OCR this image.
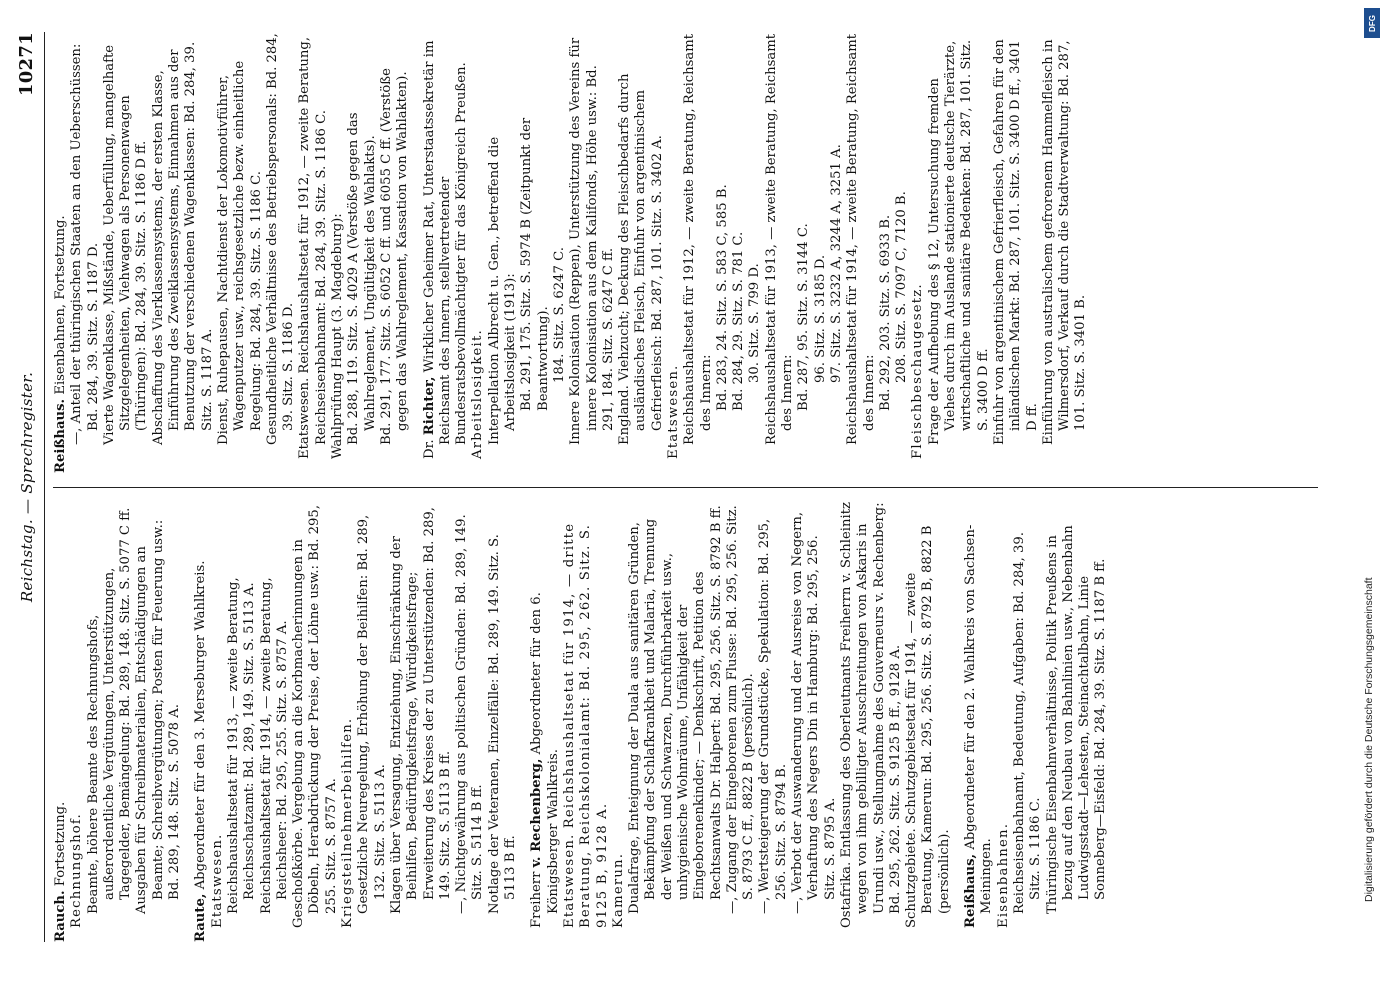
Reichstag. — Sprechregister.
10271
Rauch. Fortsetzung. Rechnungshof. Beamte, höhere Beamte des Rechnungshofs, außerordentliche Vergütungen, Unterstützungen, Tagegelder, Bemängelung: Bd. 289, 148. Sitz. S. 5077 C ff. Ausgaben für Schreibmaterialien, Entschädigungen an Beamte; Schreibvergütungen; Posten für Feuerung usw.: Bd. 289, 148. Sitz. S. 5078 A.
Raute, Abgeordneter für den 3. Merseburger Wahlkreis. Etatswesen. Reichshaushaltsetat für 1913, — zweite Beratung, Reichsschatzamt: Bd. 289, 149. Sitz. S. 5113 A. Reichshaushaltsetat für 1914, — zweite Beratung, Reichsheer: Bd. 295, 255. Sitz. S. 8757 A. Geschoßkörbe. Vergebung an die Korbmacherinnungen in Döbeln, Herabdrückung der Preise, der Löhne usw.: Bd. 295, 255. Sitz. S. 8757 A. Kriegsteilnehmerbeihilfen. Gesetzliche Neuregelung, Erhöhung der Beihilfen: Bd. 289, 132. Sitz. S. 5113 A. Klagen über Versagung, Entziehung, Einschränkung der Beihilfen, Bedürftigkeitsfrage, Würdigkeitsfrage; Erweiterung des Kreises der zu Unterstützenden: Bd. 289, 149. Sitz. S. 5113 B ff. —, Nichtgewährung aus politischen Gründen: Bd. 289, 149. Sitz. S. 5114 B ff. Notlage der Veteranen, Einzelfälle: Bd. 289, 149. Sitz. S. 5113 B ff. Freiherr v. Rechenberg, Abgeordneter für den 6. Königsberger Wahlkreis. Etatswesen. Reichshaushaltsetat für 1914, — dritte Beratung, Reichskolonialamt: Bd. 295, 262. Sitz. S. 9125 B, 9128 A. Kamerun. Dualafrage, Enteignung der Duala aus sanitären Gründen, Bekämpfung der Schlafkrankheit und Malaria, Trennung der Weißen und Schwarzen, Durchführbarkeit usw., unhygienische Wohnräume, Unfähigkeit der Eingeborenenkinder; — Denkschrift, Petition des Rechtsanwalts Dr. Halpert: Bd. 295, 256. Sitz. S. 8792 B ff. —, Zugang der Eingeborenen zum Flusse: Bd. 295, 256. Sitz. S. 8793 C ff., 8822 B (persönlich). —, Wertsteigerung der Grundstücke, Spekulation: Bd. 295, 256. Sitz. S. 8794 B. —, Verbot der Auswanderung und der Ausreise von Negern, Verhaftung des Negers Din in Hamburg: Bd. 295, 256. Sitz. S. 8795 A. Ostafrika. Entlassung des Oberleutnants Freiherrn v. Schleinitz wegen von ihm gebilligter Ausschreitungen von Askaris in Urundi usw., Stellungnahme des Gouverneurs v. Rechenberg: Bd. 295, 262. Sitz. S. 9125 B ff., 9128 A. Schutzgebiete. Schutzgebietsetat für 1914, — zweite Beratung, Kamerun: Bd. 295, 256. Sitz. S. 8792 B, 8822 B (persönlich). Reißhaus, Abgeordneter für den 2. Wahlkreis von Sachsen-Meiningen. Eisenbahnen. Reichseisenbahnamt, Bedeutung, Aufgaben: Bd. 284, 39. Sitz. S. 1186 C. Thüringische Eisenbahnverhältnisse, Politik Preußens in bezug auf den Neubau von Bahnlinien usw., Nebenbahn Ludwigsstadt—Lehesten, Steinachtalbahn, Linie Sonneberg—Eisfeld: Bd. 284, 39. Sitz. S. 1187 B ff.
Reißhaus. Eisenbahnen, Fortsetzung. —, Anteil der thüringischen Staaten an den Ueberschüssen: Bd. 284, 39. Sitz. S. 1187 D. Vierte Wagenklasse, Mißstände, Ueberfüllung, mangelhafte Sitzgelegenheiten, Viehwagen als Personenwagen (Thüringen): Bd. 284, 39. Sitz. S. 1186 D ff. Abschaffung des Vierklassensystems, der ersten Klasse, Einführung des Zweiklassensystems, Einnahmen aus der Benutzung der verschiedenen Wagenklassen: Bd. 284, 39. Sitz. S. 1187 A. Dienst, Ruhepausen, Nachtdienst der Lokomotivführer, Wagenputzer usw., reichsgesetzliche bezw. einheitliche Regelung: Bd. 284, 39. Sitz. S. 1186 C. Gesundheitliche Verhältnisse des Betriebspersonals: Bd. 284, 39. Sitz. S. 1186 D. Etatswesen. Reichshaushaltsetat für 1912, — zweite Beratung, Reichseisenbahnamt: Bd. 284, 39. Sitz. S. 1186 C. Wahlprüfung Haupt (3. Magdeburg): Bd. 288, 119. Sitz. S. 4029 A (Verstöße gegen das Wahlreglement, Ungültigkeit des Wahlakts). Bd. 291, 177. Sitz. S. 6052 C ff. und 6055 C ff. (Verstöße gegen das Wahlreglement, Kassation von Wahlakten).
Dr. Richter, Wirklicher Geheimer Rat, Unterstaatssekretär im Reichsamt des Innern, stellvertretender Bundesratsbevollmächtigter für das Königreich Preußen. Arbeitslosigkeit. Interpellation Albrecht u. Gen., betreffend die Arbeitslosigkeit (1913): Bd. 291, 175. Sitz. S. 5974 B (Zeitpunkt der Beantwortung). 184. Sitz. S. 6247 C. Innere Kolonisation (Reppen), Unterstützung des Vereins für innere Kolonisation aus dem Kalifonds, Höhe usw.: Bd. 291, 184. Sitz. S. 6247 C ff. England. Viehzucht; Deckung des Fleischbedarfs durch ausländisches Fleisch, Einfuhr von argentinischem Gefrierfleisch: Bd. 287, 101. Sitz. S. 3402 A. Etatswesen. Reichshaushaltsetat für 1912, — zweite Beratung, Reichsamt des Innern: Bd. 283, 24. Sitz. S. 583 C, 585 B. Bd. 284, 29. Sitz. S. 781 C. 30. Sitz. S. 799 D. Reichshaushaltsetat für 1913, — zweite Beratung, Reichsamt des Innern: Bd. 287, 95. Sitz. S. 3144 C. 96. Sitz. S. 3185 D. 97. Sitz. S. 3232 A, 3244 A, 3251 A. Reichshaushaltsetat für 1914, — zweite Beratung, Reichsamt des Innern: Bd. 292, 203. Sitz. S. 6933 B. 208. Sitz. S. 7097 C, 7120 B. Fleischbeschaugesetz. Frage der Aufhebung des § 12, Untersuchung fremden Viehes durch im Auslande stationierte deutsche Tierärzte, wirtschaftliche und sanitäre Bedenken: Bd. 287, 101. Sitz. S. 3400 D ff. Einfuhr von argentinischem Gefrierfleisch, Gefahren für den inländischen Markt: Bd. 287, 101. Sitz. S. 3400 D ff., 3401 D ff. Einführung von australischem gefrorenem Hammelfleisch in Wilmersdorf, Verkauf durch die Stadtverwaltung: Bd. 287, 101. Sitz. S. 3401 B.
Digitalisierung gefördert durch die Deutsche Forschungsgemeinschaft
DFG
